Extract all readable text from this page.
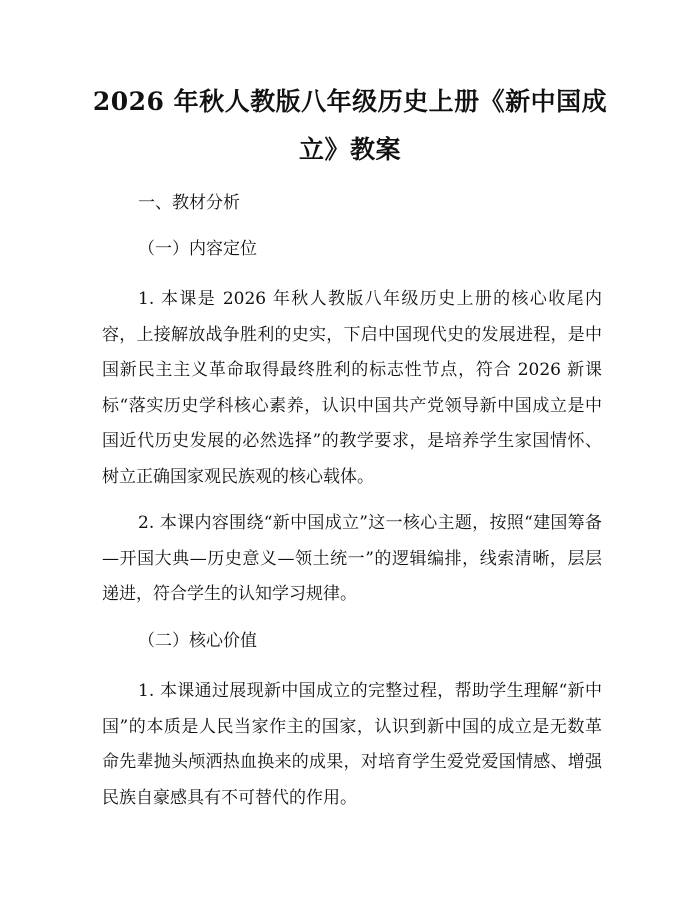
2026 年秋人教版八年级历史上册《新中国成立》教案

一、教材分析

（一）内容定位

1. 本课是 2026 年秋人教版八年级历史上册的核心收尾内容，上接解放战争胜利的史实，下启中国现代史的发展进程，是中国新民主主义革命取得最终胜利的标志性节点，符合 2026 新课标“落实历史学科核心素养，认识中国共产党领导新中国成立是中国近代历史发展的必然选择”的教学要求，是培养学生家国情怀、树立正确国家观民族观的核心载体。

2. 本课内容围绕“新中国成立”这一核心主题，按照“建国筹备—开国大典—历史意义—领土统一”的逻辑编排，线索清晰，层层递进，符合学生的认知学习规律。

（二）核心价值

1. 本课通过展现新中国成立的完整过程，帮助学生理解“新中国”的本质是人民当家作主的国家，认识到新中国的成立是无数革命先辈抛头颅洒热血换来的成果，对培育学生爱党爱国情感、增强民族自豪感具有不可替代的作用。
